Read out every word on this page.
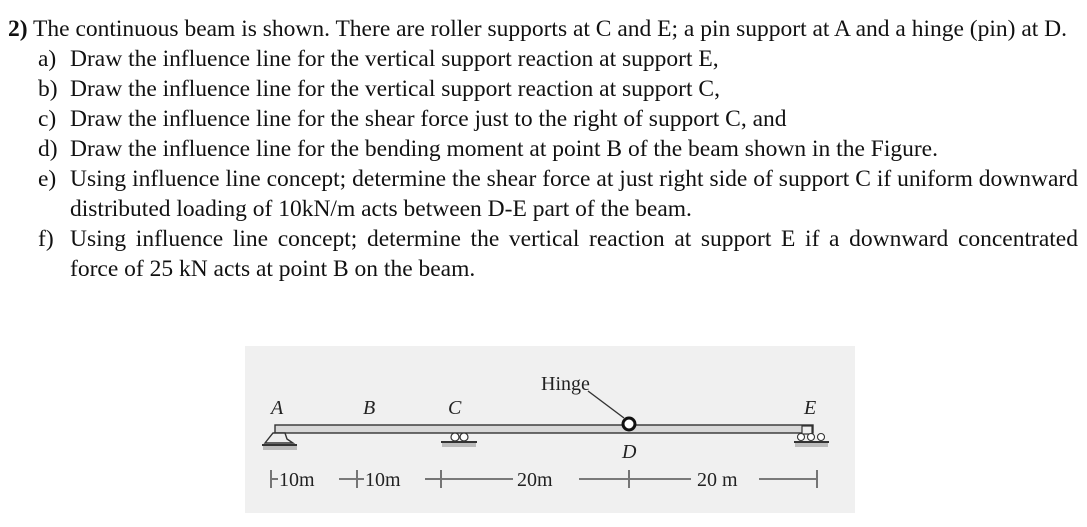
2) The continuous beam is shown. There are roller supports at C and E; a pin support at A and a hinge (pin) at D.

a) Draw the influence line for the vertical support reaction at support E,
b) Draw the influence line for the vertical support reaction at support C,
c) Draw the influence line for the shear force just to the right of support C, and
d) Draw the influence line for the bending moment at point B of the beam shown in the Figure.
e) Using influence line concept; determine the shear force at just right side of support C if uniform downward distributed loading of 10kN/m acts between D-E part of the beam.
f) Using influence line concept; determine the vertical reaction at support E if a downward concentrated force of 25 kN acts at point B on the beam.
Hinge
A	B	C
D
E
10m	10m	20m	20 m
